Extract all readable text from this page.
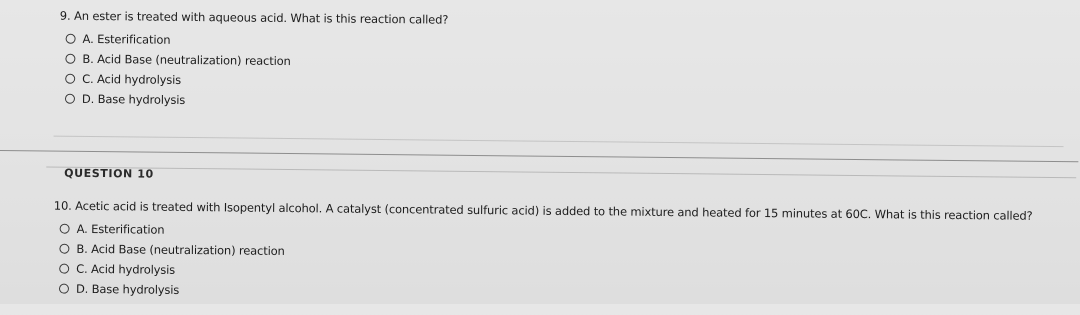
9. An ester is treated with aqueous acid. What is this reaction called?

A. Esterification
B. Acid Base (neutralization) reaction
C. Acid hydrolysis
D. Base hydrolysis
QUESTION 10

10. Acetic acid is treated with Isopentyl alcohol. A catalyst (concentrated sulfuric acid) is added to the mixture and heated for 15 minutes at 60C. What is this reaction called?

A. Esterification
B. Acid Base (neutralization) reaction
C. Acid hydrolysis
D. Base hydrolysis
